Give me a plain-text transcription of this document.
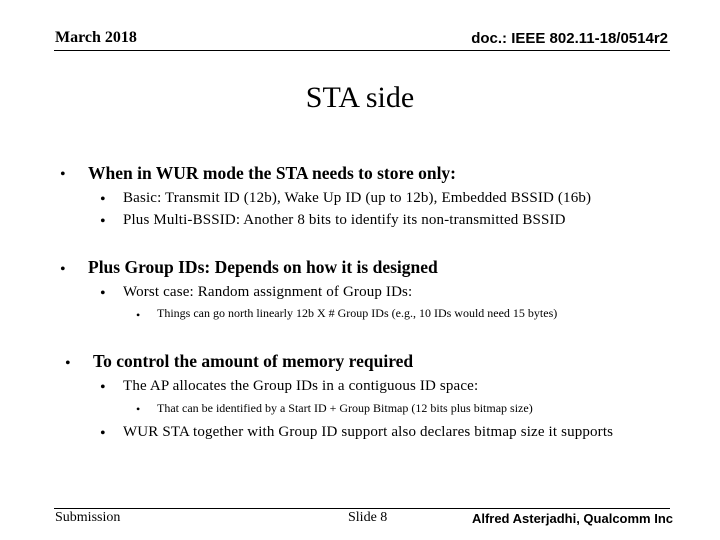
March 2018	doc.: IEEE 802.11-18/0514r2
STA side
• When in WUR mode the STA needs to store only:
• Basic: Transmit ID (12b), Wake Up ID (up to 12b), Embedded BSSID (16b)
• Plus Multi-BSSID: Another 8 bits to identify its non-transmitted BSSID
• Plus Group IDs: Depends on how it is designed
• Worst case: Random assignment of Group IDs:
• Things can go north linearly 12b X # Group IDs (e.g., 10 IDs would need 15 bytes)
• To control the amount of memory required
• The AP allocates the Group IDs in a contiguous ID space:
• That can be identified by a Start ID + Group Bitmap (12 bits plus bitmap size)
• WUR STA together with Group ID support also declares bitmap size it supports
Submission	Slide 8	Alfred Asterjadhi, Qualcomm Inc
